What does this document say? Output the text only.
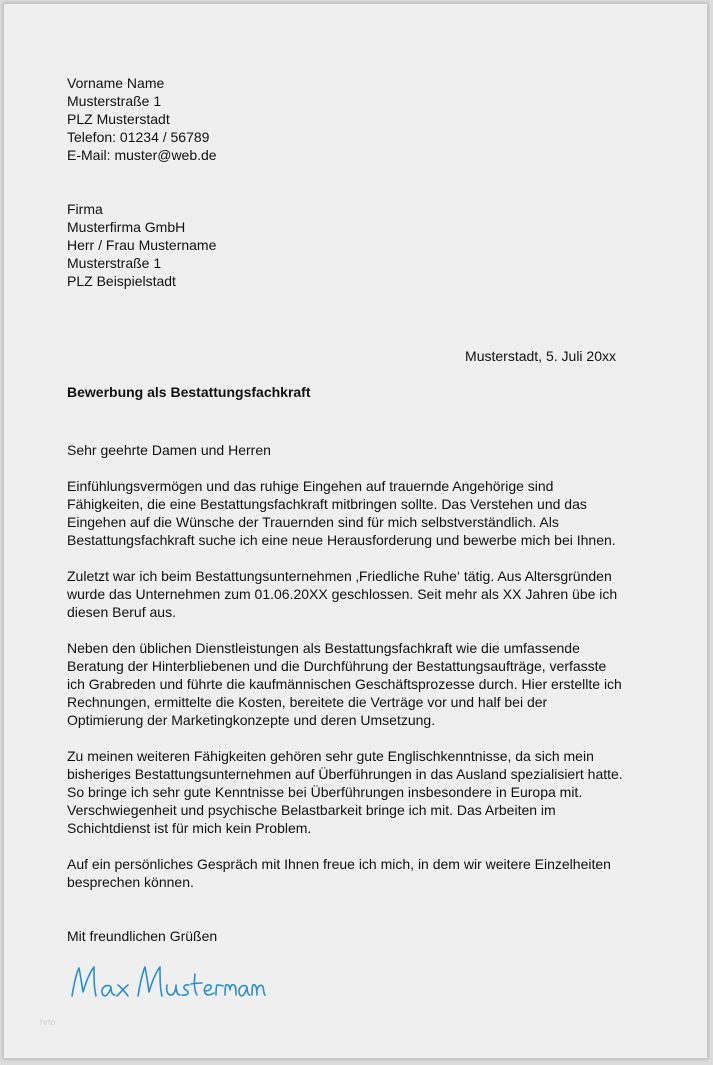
Vorname Name
Musterstraße 1
PLZ Musterstadt
Telefon: 01234 / 56789
E-Mail: muster@web.de
Firma
Musterfirma GmbH
Herr / Frau Mustername
Musterstraße 1
PLZ Beispielstadt
Musterstadt, 5. Juli 20xx
Bewerbung als Bestattungsfachkraft
Sehr geehrte Damen und Herren
Einfühlungsvermögen und das ruhige Eingehen auf trauernde Angehörige sind
Fähigkeiten, die eine Bestattungsfachkraft mitbringen sollte. Das Verstehen und das
Eingehen auf die Wünsche der Trauernden sind für mich selbstverständlich. Als
Bestattungsfachkraft suche ich eine neue Herausforderung und bewerbe mich bei Ihnen.
Zuletzt war ich beim Bestattungsunternehmen ‚Friedliche Ruhe‘ tätig. Aus Altersgründen
wurde das Unternehmen zum 01.06.20XX geschlossen. Seit mehr als XX Jahren übe ich
diesen Beruf aus.
Neben den üblichen Dienstleistungen als Bestattungsfachkraft wie die umfassende
Beratung der Hinterbliebenen und die Durchführung der Bestattungsaufträge, verfasste
ich Grabreden und führte die kaufmännischen Geschäftsprozesse durch. Hier erstellte ich
Rechnungen, ermittelte die Kosten, bereitete die Verträge vor und half bei der
Optimierung der Marketingkonzepte und deren Umsetzung.
Zu meinen weiteren Fähigkeiten gehören sehr gute Englischkenntnisse, da sich mein
bisheriges Bestattungsunternehmen auf Überführungen in das Ausland spezialisiert hatte.
So bringe ich sehr gute Kenntnisse bei Überführungen insbesondere in Europa mit.
Verschwiegenheit und psychische Belastbarkeit bringe ich mit. Das Arbeiten im
Schichtdienst ist für mich kein Problem.
Auf ein persönliches Gespräch mit Ihnen freue ich mich, in dem wir weitere Einzelheiten
besprechen können.
Mit freundlichen Grüßen
hrto
